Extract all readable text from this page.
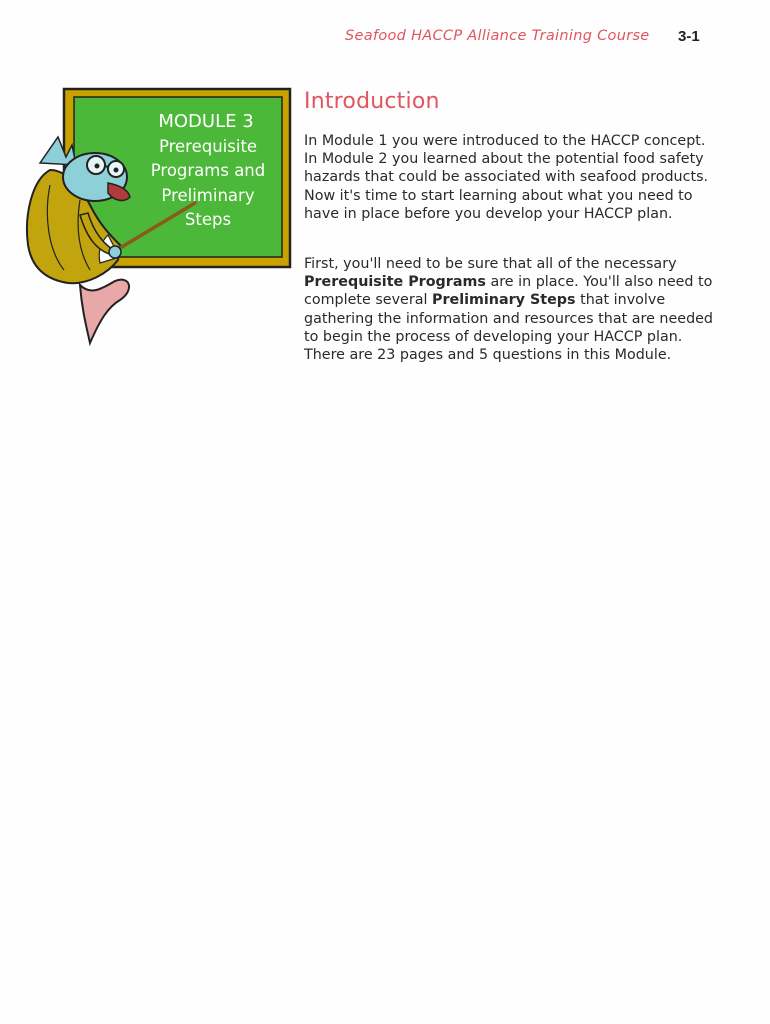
Seafood HACCP Alliance Training Course 3-1
MODULE 3
Prerequisite
Programs and
Preliminary
Steps
Introduction

In Module 1 you were introduced to the HACCP concept. In Module 2 you learned about the potential food safety hazards that could be associated with seafood products. Now it's time to start learning about what you need to have in place before you develop your HACCP plan.

First, you'll need to be sure that all of the necessary Prerequisite Programs are in place. You'll also need to complete several Preliminary Steps that involve gathering the information and resources that are needed to begin the process of developing your HACCP plan. There are 23 pages and 5 questions in this Module.
